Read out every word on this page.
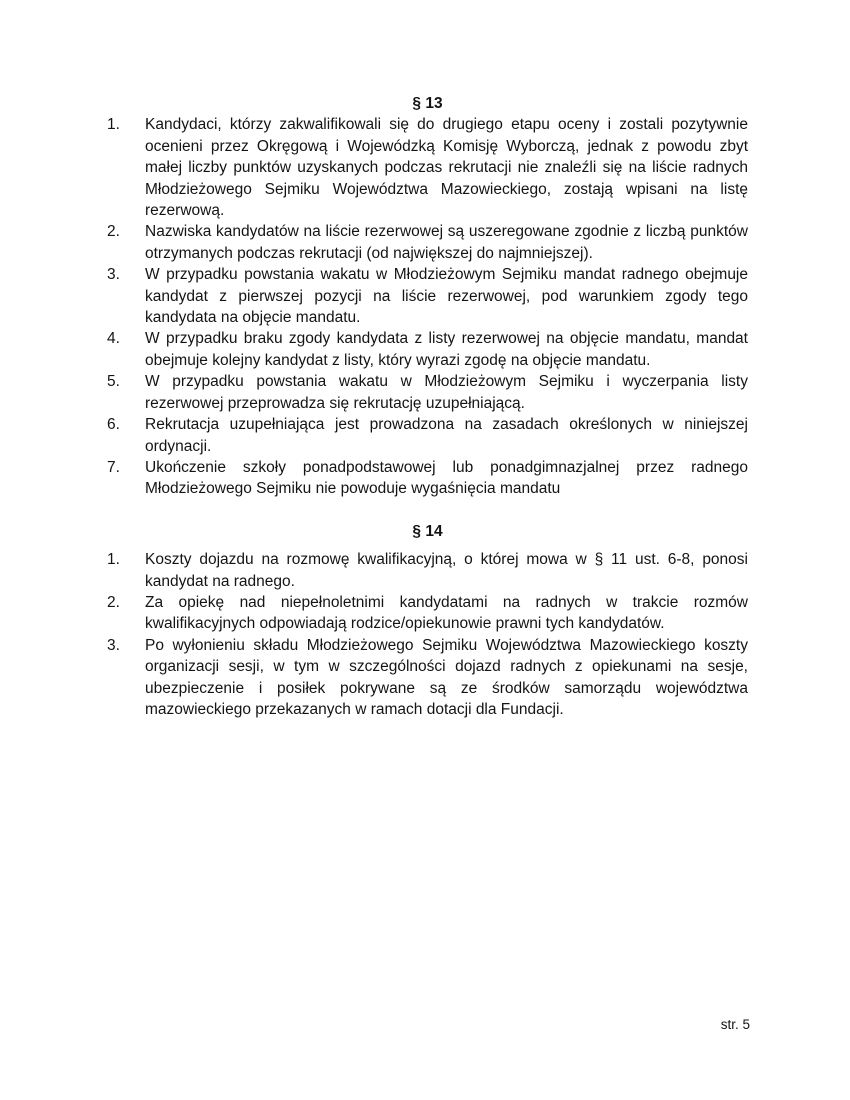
§ 13
1. Kandydaci, którzy zakwalifikowali się do drugiego etapu oceny i zostali pozytywnie ocenieni przez Okręgową i Wojewódzką Komisję Wyborczą, jednak z powodu zbyt małej liczby punktów uzyskanych podczas rekrutacji nie znaleźli się na liście radnych Młodzieżowego Sejmiku Województwa Mazowieckiego, zostają wpisani na listę rezerwową.
2. Nazwiska kandydatów na liście rezerwowej są uszeregowane zgodnie z liczbą punktów otrzymanych podczas rekrutacji (od największej do najmniejszej).
3. W przypadku powstania wakatu w Młodzieżowym Sejmiku mandat radnego obejmuje kandydat z pierwszej pozycji na liście rezerwowej, pod warunkiem zgody tego kandydata na objęcie mandatu.
4. W przypadku braku zgody kandydata z listy rezerwowej na objęcie mandatu, mandat obejmuje kolejny kandydat z listy, który wyrazi zgodę na objęcie mandatu.
5. W przypadku powstania wakatu w Młodzieżowym Sejmiku i wyczerpania listy rezerwowej przeprowadza się rekrutację uzupełniającą.
6. Rekrutacja uzupełniająca jest prowadzona na zasadach określonych w niniejszej ordynacji.
7. Ukończenie szkoły ponadpodstawowej lub ponadgimnazjalnej przez radnego Młodzieżowego Sejmiku nie powoduje wygaśnięcia mandatu
§ 14
1. Koszty dojazdu na rozmowę kwalifikacyjną, o której mowa w § 11 ust. 6-8, ponosi kandydat na radnego.
2. Za opiekę nad niepełnoletnimi kandydatami na radnych w trakcie rozmów kwalifikacyjnych odpowiadają rodzice/opiekunowie prawni tych kandydatów.
3. Po wyłonieniu składu Młodzieżowego Sejmiku Województwa Mazowieckiego koszty organizacji sesji, w tym w szczególności dojazd radnych z opiekunami na sesje, ubezpieczenie i posiłek pokrywane są ze środków samorządu województwa mazowieckiego przekazanych w ramach dotacji dla Fundacji.
str. 5
